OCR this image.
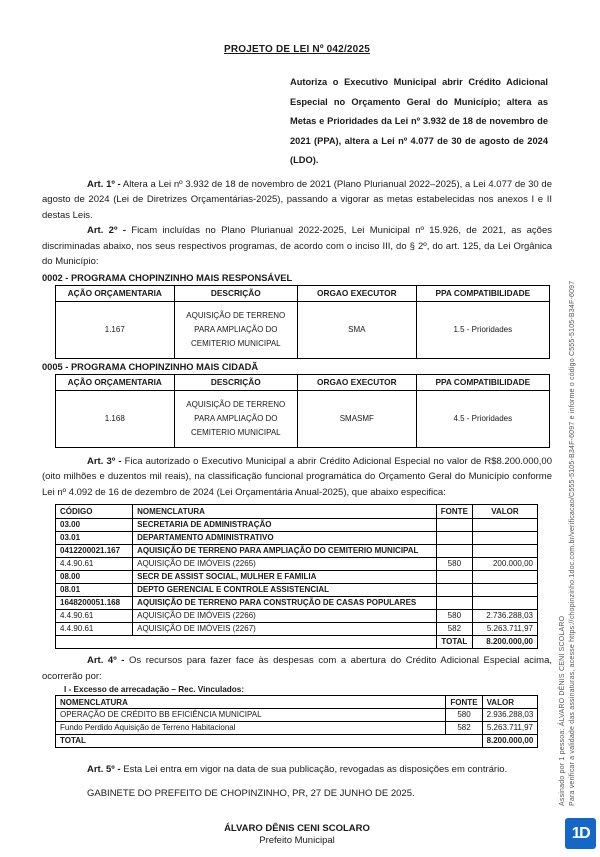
PROJETO DE LEI Nº 042/2025
Autoriza o Executivo Municipal abrir Crédito Adicional Especial no Orçamento Geral do Município; altera as Metas e Prioridades da Lei nº 3.932 de 18 de novembro de 2021 (PPA), altera a Lei nº 4.077 de 30 de agosto de 2024 (LDO).

Art. 1º - Altera a Lei nº 3.932 de 18 de novembro de 2021 (Plano Plurianual 2022–2025), a Lei 4.077 de 30 de agosto de 2024 (Lei de Diretrizes Orçamentárias-2025), passando a vigorar as metas estabelecidas nos anexos I e II destas Leis.

Art. 2º - Ficam incluídas no Plano Plurianual 2022-2025, Lei Municipal nº 15.926, de 2021, as ações discriminadas abaixo, nos seus respectivos programas, de acordo com o inciso III, do § 2º, do art. 125, da Lei Orgânica do Município:

0002 - PROGRAMA CHOPINZINHO MAIS RESPONSÁVEL
AÇÃO ORÇAMENTARIA	DESCRIÇÃO	ORGAO EXECUTOR	PPA COMPATIBILIDADE
1.167	AQUISIÇÃO DE TERRENO PARA AMPLIAÇÃO DO CEMITERIO MUNICIPAL	SMA	1.5 - Prioridades
0005 - PROGRAMA CHOPINZINHO MAIS CIDADÃ
AÇÃO ORÇAMENTARIA	DESCRIÇÃO	ORGAO EXECUTOR	PPA COMPATIBILIDADE
1.168	AQUISIÇÃO DE TERRENO PARA AMPLIAÇÃO DO CEMITERIO MUNICIPAL	SMASMF	4.5 - Prioridades

Art. 3º - Fica autorizado o Executivo Municipal a abrir Crédito Adicional Especial no valor de R$8.200.000,00 (oito milhões e duzentos mil reais), na classificação funcional programática do Orçamento Geral do Município conforme Lei nº 4.092 de 16 de dezembro de 2024 (Lei Orçamentária Anual-2025), que abaixo especifica:

CÓDIGO	NOMENCLATURA	FONTE	VALOR
03.00	SECRETARIA DE ADMINISTRAÇÃO		
03.01	DEPARTAMENTO ADMINISTRATIVO		
0412200021.167	AQUISIÇÃO DE TERRENO PARA AMPLIAÇÃO DO CEMITERIO MUNICIPAL		
4.4.90.61	AQUISIÇÃO DE IMÓVEIS (2265)	580	200.000,00
08.00	SECR DE ASSIST SOCIAL, MULHER E FAMILIA		
08.01	DEPTO GERENCIAL E CONTROLE ASSISTENCIAL		
1648200051.168	AQUISIÇÃO DE TERRENO PARA CONSTRUÇÃO DE CASAS POPULARES		
4.4.90.61	AQUISIÇÃO DE IMÓVEIS (2266)	580	2.736.288,03
4.4.90.61	AQUISIÇÃO DE IMÓVEIS (2267)	582	5.263.711,97
		TOTAL	8.200.000,00

Art. 4º - Os recursos para fazer face às despesas com a abertura do Crédito Adicional Especial acima, ocorrerão por:

I - Excesso de arrecadação – Rec. Vinculados:
NOMENCLATURA	FONTE	VALOR
OPERAÇÃO DE CRÉDITO BB EFICIÊNCIA MUNICIPAL	580	2.936.288,03
Fundo Perdido Aquisição de Terreno Habitacional	582	5.263.711,97
TOTAL		8.200.000,00

Art. 5º - Esta Lei entra em vigor na data de sua publicação, revogadas as disposições em contrário.

GABINETE DO PREFEITO DE CHOPINZINHO, PR, 27 DE JUNHO DE 2025.
ÁLVARO DÊNIS CENI SCOLARO
Prefeito Municipal
Assinado por 1 pessoa: ÁLVARO DÊNIS CENI SCOLARO Para verificar a validade das assinaturas, acesse https://chopinzinho.1doc.com.br/verificacao/C555-5105-B34F-6097 e informe o código C555-5105-B34F-6097
1D
